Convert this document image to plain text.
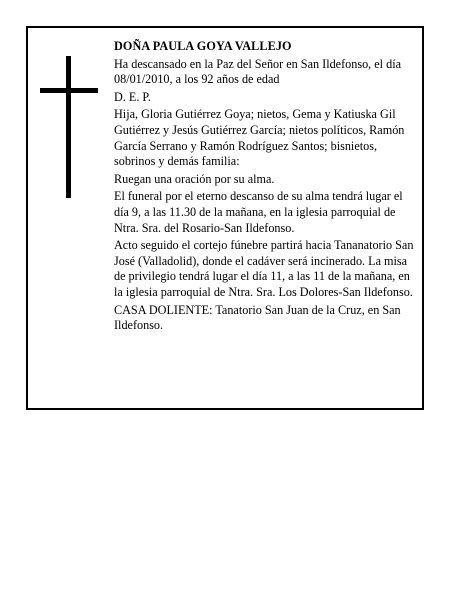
DOÑA PAULA GOYA VALLEJO

Ha descansado en la Paz del Señor en San Ildefonso, el día 08/01/2010, a los 92 años de edad

D. E. P.

Hija, Gloria Gutiérrez Goya; nietos, Gema y Katiuska Gil Gutiérrez y Jesús Gutiérrez García; nietos políticos, Ramón García Serrano y Ramón Rodríguez Santos; bisnietos, sobrinos y demás familia:

Ruegan una oración por su alma.

El funeral por el eterno descanso de su alma tendrá lugar el día 9, a las 11.30 de la mañana, en la iglesia parroquial de Ntra. Sra. del Rosario-San Ildefonso.

Acto seguido el cortejo fúnebre partirá hacia Tananatorio San José (Valladolid), donde el cadáver será incinerado. La misa de privilegio tendrá lugar el día 11, a las 11 de la mañana, en la iglesia parroquial de Ntra. Sra. Los Dolores-San Ildefonso.

CASA DOLIENTE: Tanatorio San Juan de la Cruz, en San Ildefonso.
